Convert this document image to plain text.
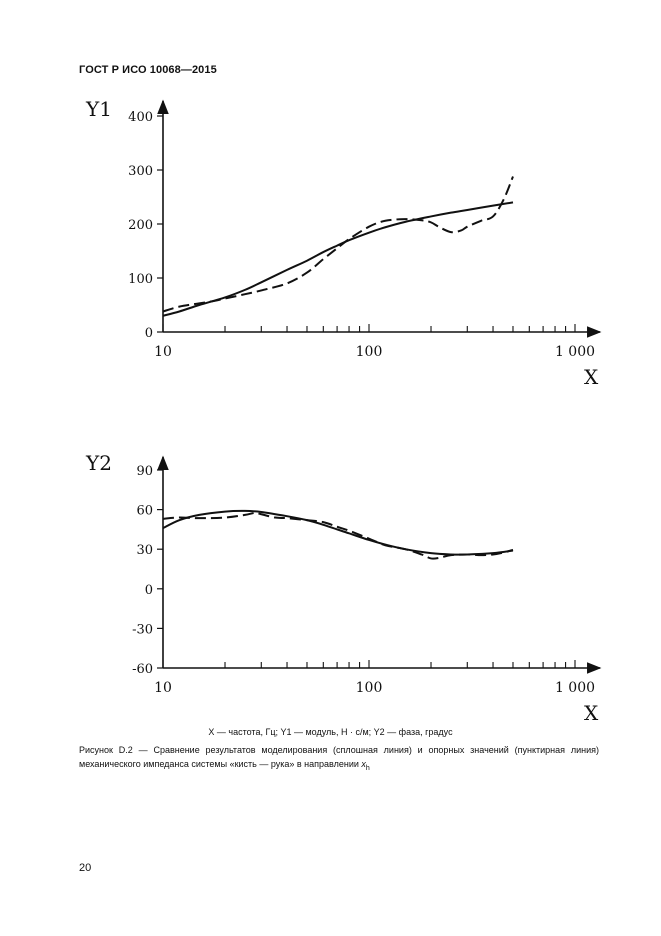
ГОСТ Р ИСО 10068—2015

0
100
200
300
400
10	100	1 000
Y1
X
90
60
30
0
-30
-60
10	100	1 000
Y2
X

X — частота, Гц; Y1 — модуль, Н · с/м; Y2 — фаза, градус

Рисунок D.2 — Сравнение результатов моделирования (сплошная линия) и опорных значений (пунктирная линия) механического импеданса системы «кисть — рука» в направлении $x_h$

20
